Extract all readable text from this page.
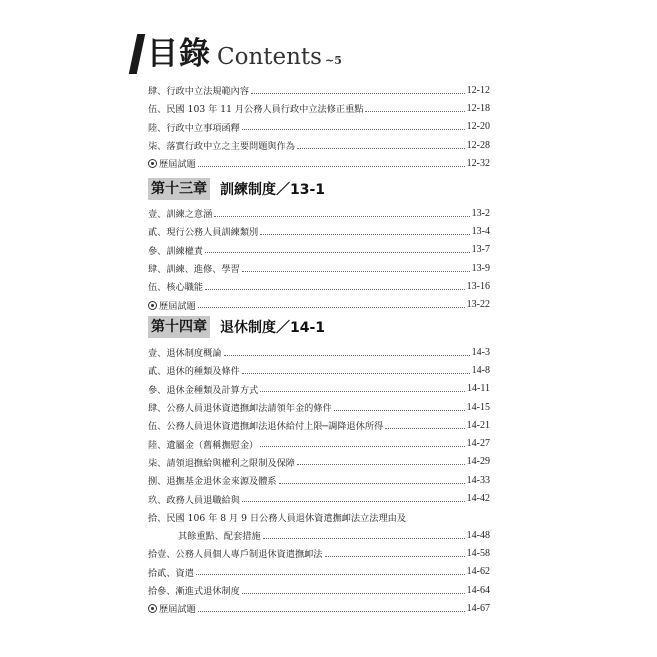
目錄 Contents ~5
肆、行政中立法規範內容	12-12
伍、民國 103 年 11 月公務人員行政中立法修正重點	12-18
陸、行政中立事項函釋	12-20
柒、落實行政中立之主要問題與作為	12-28
歷屆試題	12-32
第十三章 訓練制度／13-1
壹、訓練之意涵	13-2
貳、現行公務人員訓練類別	13-4
參、訓練權責	13-7
肆、訓練、進修、學習	13-9
伍、核心職能	13-16
歷屆試題	13-22
第十四章 退休制度／14-1
壹、退休制度概論	14-3
貳、退休的種類及條件	14-8
參、退休金種類及計算方式	14-11
肆、公務人員退休資遣撫卹法請領年金的條件	14-15
伍、公務人員退休資遣撫卹法退休給付上限─調降退休所得	14-21
陸、遺屬金（舊稱撫慰金）	14-27
柒、請領退撫給與權利之限制及保障	14-29
捌、退撫基金退休金來源及體系	14-33
玖、政務人員退職給與	14-42
拾、民國 106 年 8 月 9 日公務人員退休資遣撫卹法立法理由及
其餘重點、配套措施	14-48
拾壹、公務人員個人專戶制退休資遣撫卹法	14-58
拾貳、資遣	14-62
拾參、漸進式退休制度	14-64
歷屆試題	14-67
